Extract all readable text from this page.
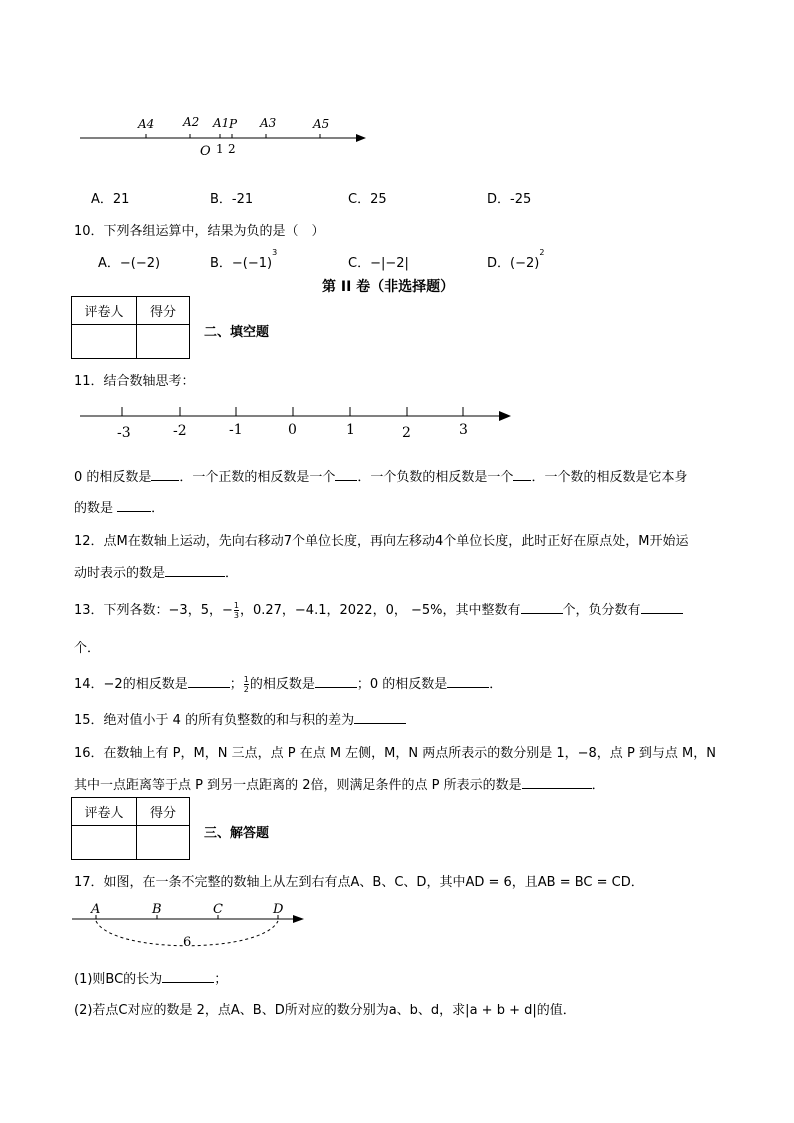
A4 A2 A1 P A3	A5
O 1 2
A．21	B．-21	C．25	D．-25
10．下列各组运算中，结果为负的是（　）
A．−(−2)	B．$-(-1)^3$
C．−|−2|	D．$(-2)^2$
第 II 卷（非选择题）
评卷人	得分

二、填空题
11．结合数轴思考：
-3	-2	-1	0	1	2	3
0 的相反数是 ．一个正数的相反数是一个 ．一个负数的相反数是一个 ．一个数的相反数是它本身
的数是	．
12．点M在数轴上运动，先向右移动7个单位长度，再向左移动4个单位长度，此时正好在原点处，M开始运
动时表示的数是	．
13．下列各数：−3，5，− $\frac{1}{3}$ ，0.27，−4.1，2022，0， −5%，其中整数有	个，负分数有
个．
14．−2的相反数是	； $\frac{1}{2}$ 的相反数是	；0 的相反数是	．
15．绝对值小于 4 的所有负整数的和与积的差为
16．在数轴上有 P，M，N 三点，点 P 在点 M 左侧，M，N 两点所表示的数分别是 1，−8，点 P 到与点 M，N
其中一点距离等于点 P 到另一点距离的 2倍，则满足条件的点 P 所表示的数是	．
评卷人	得分

三、解答题
17．如图，在一条不完整的数轴上从左到右有点A、B、C、D，其中AD = 6，且AB = BC = CD．
A	B	C	D
6
(1)则BC的长为	；
(2)若点C对应的数是 2，点A、B、D所对应的数分别为a、b、d，求|a + b + d|的值．
